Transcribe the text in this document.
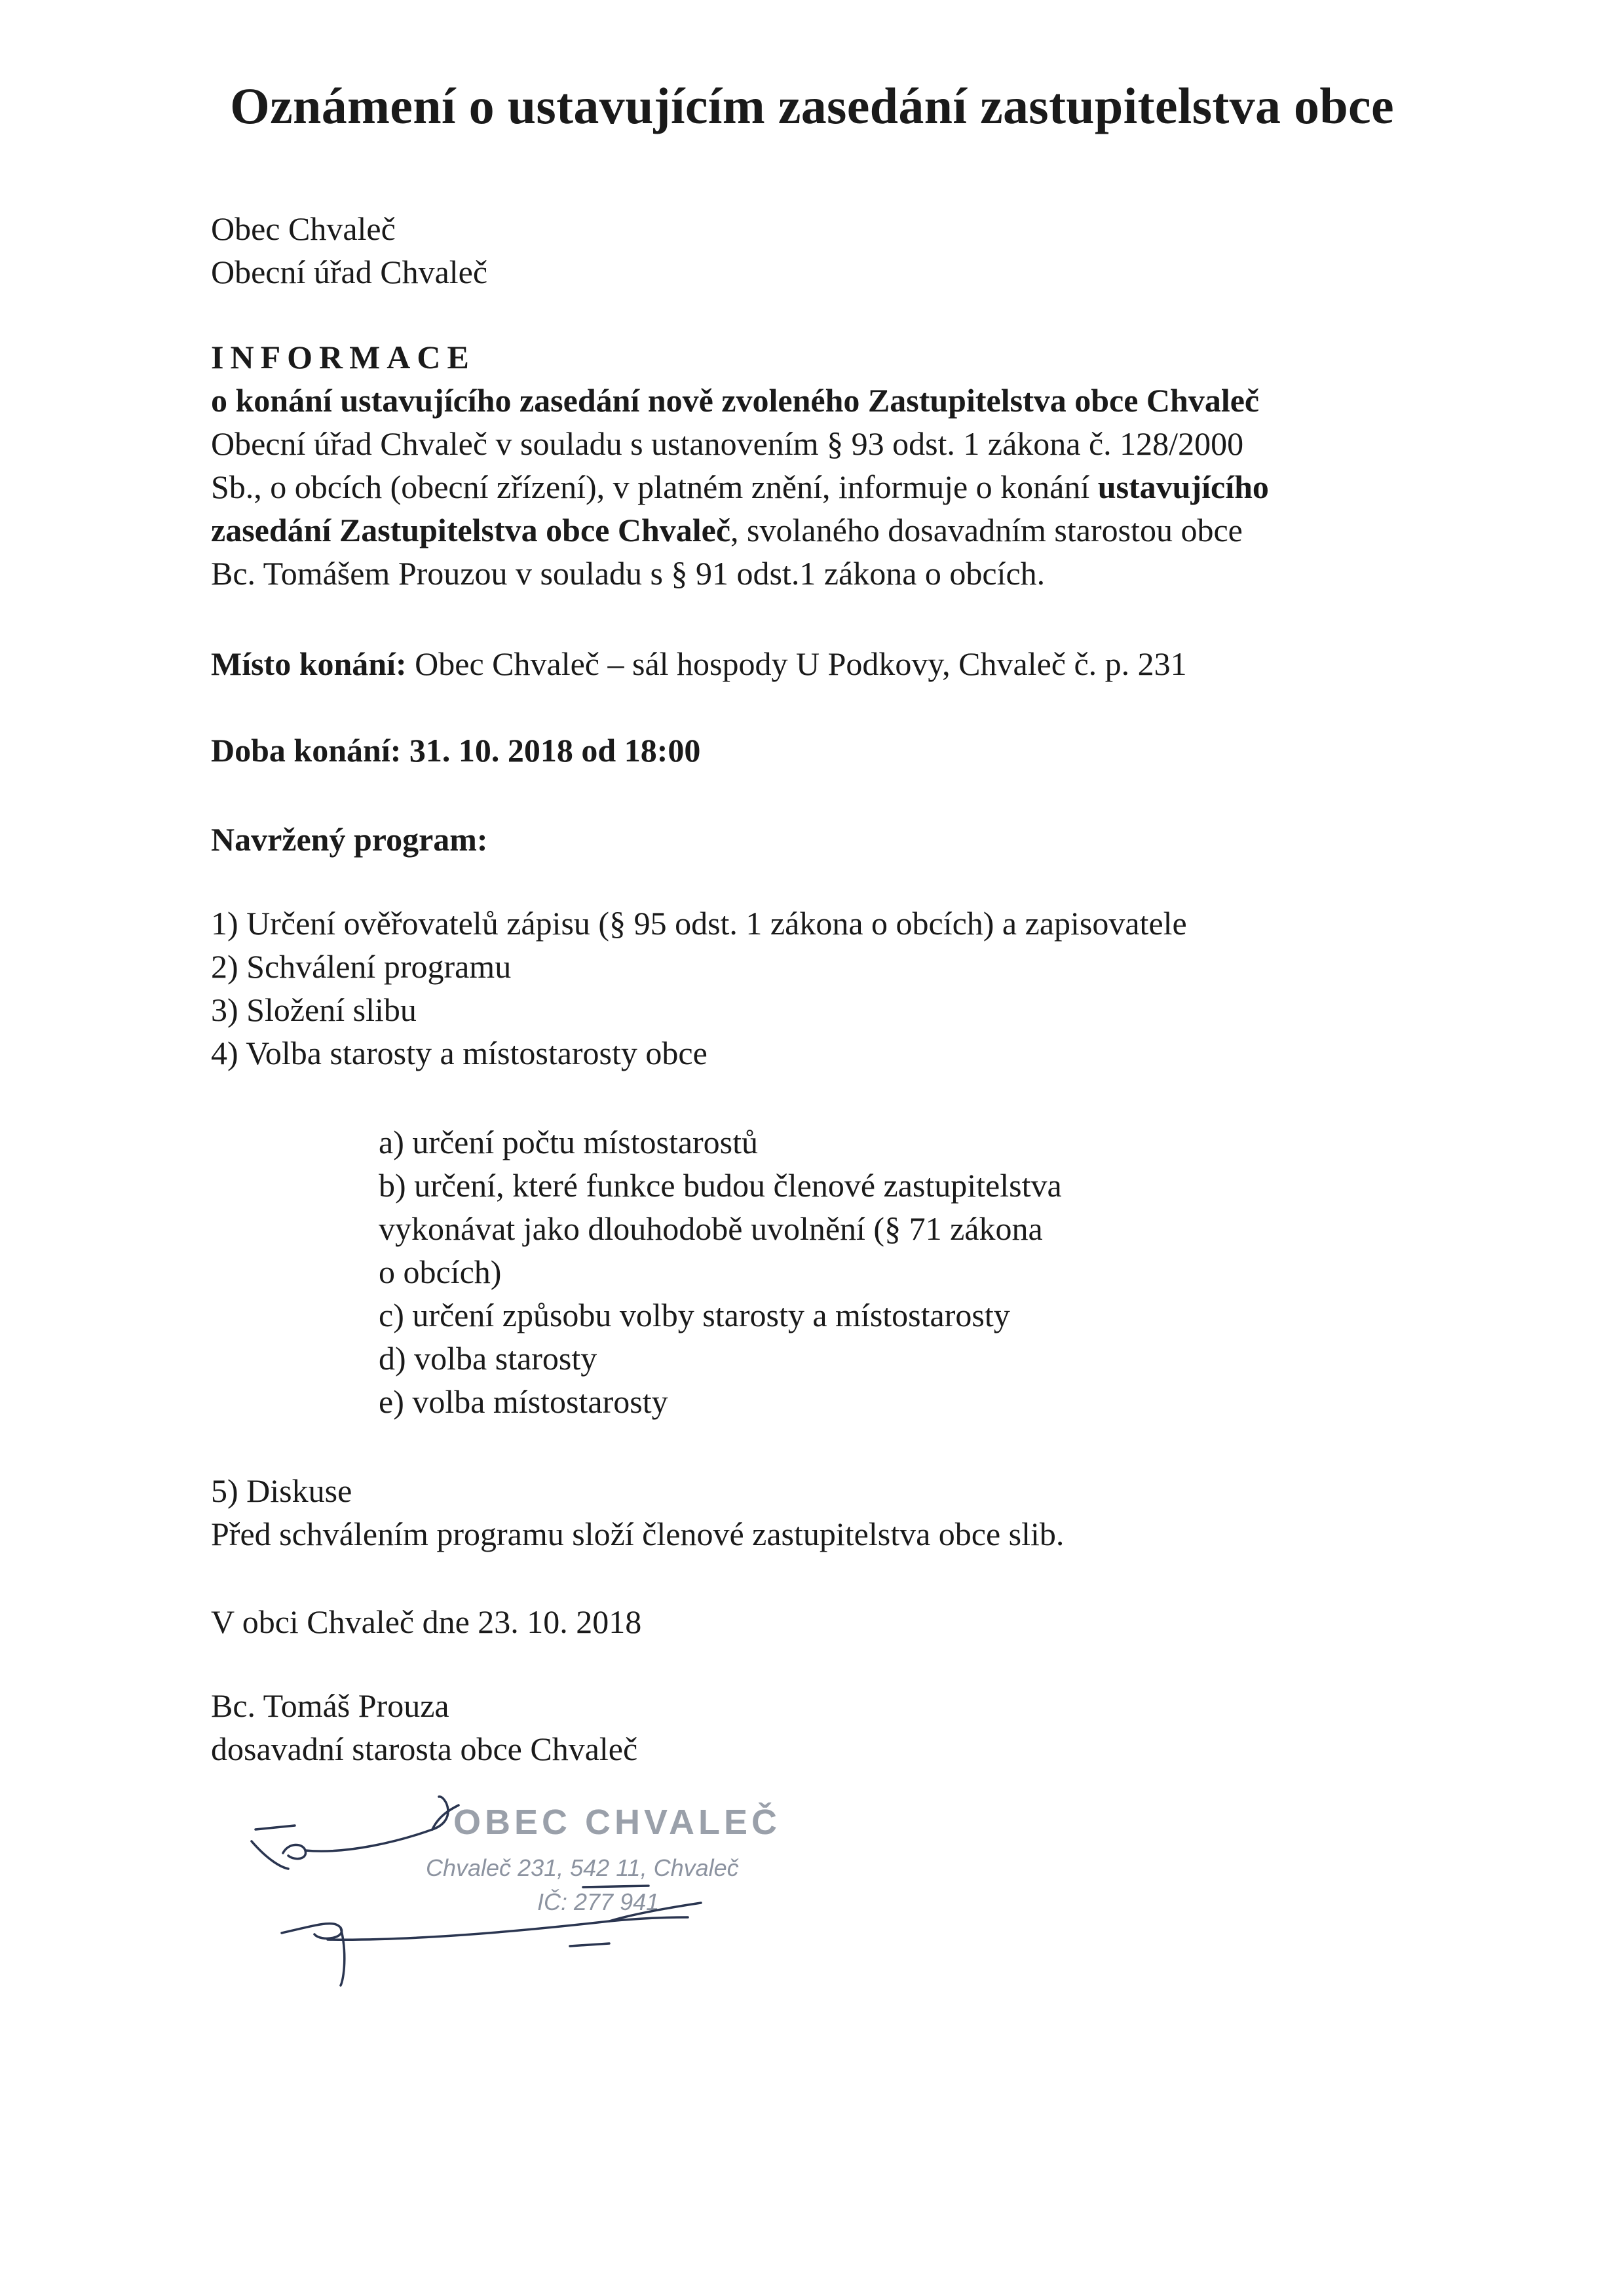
Oznámení o ustavujícím zasedání zastupitelstva obce
Obec Chvaleč
Obecní úřad Chvaleč
INFORMACE
o konání ustavujícího zasedání nově zvoleného Zastupitelstva obce Chvaleč
Obecní úřad Chvaleč v souladu s ustanovením § 93 odst. 1 zákona č. 128/2000
Sb., o obcích (obecní zřízení), v platném znění, informuje o konání ustavujícího
zasedání Zastupitelstva obce Chvaleč, svolaného dosavadním starostou obce
Bc. Tomášem Prouzou v souladu s § 91 odst.1 zákona o obcích.
Místo konání: Obec Chvaleč – sál hospody U Podkovy, Chvaleč č. p. 231
Doba konání: 31. 10. 2018 od 18:00
Navržený program:
1) Určení ověřovatelů zápisu (§ 95 odst. 1 zákona o obcích) a zapisovatele
2) Schválení programu
3) Složení slibu
4) Volba starosty a místostarosty obce
a) určení počtu místostarostů
b) určení, které funkce budou členové zastupitelstva
vykonávat jako dlouhodobě uvolnění (§ 71 zákona
o obcích)
c) určení způsobu volby starosty a místostarosty
d) volba starosty
e) volba místostarosty
5) Diskuse
Před schválením programu složí členové zastupitelstva obce slib.
V obci Chvaleč dne 23. 10. 2018
Bc. Tomáš Prouza
dosavadní starosta obce Chvaleč
OBEC CHVALEČ
Chvaleč 231, 542 11, Chvaleč
IČ: 277 941
